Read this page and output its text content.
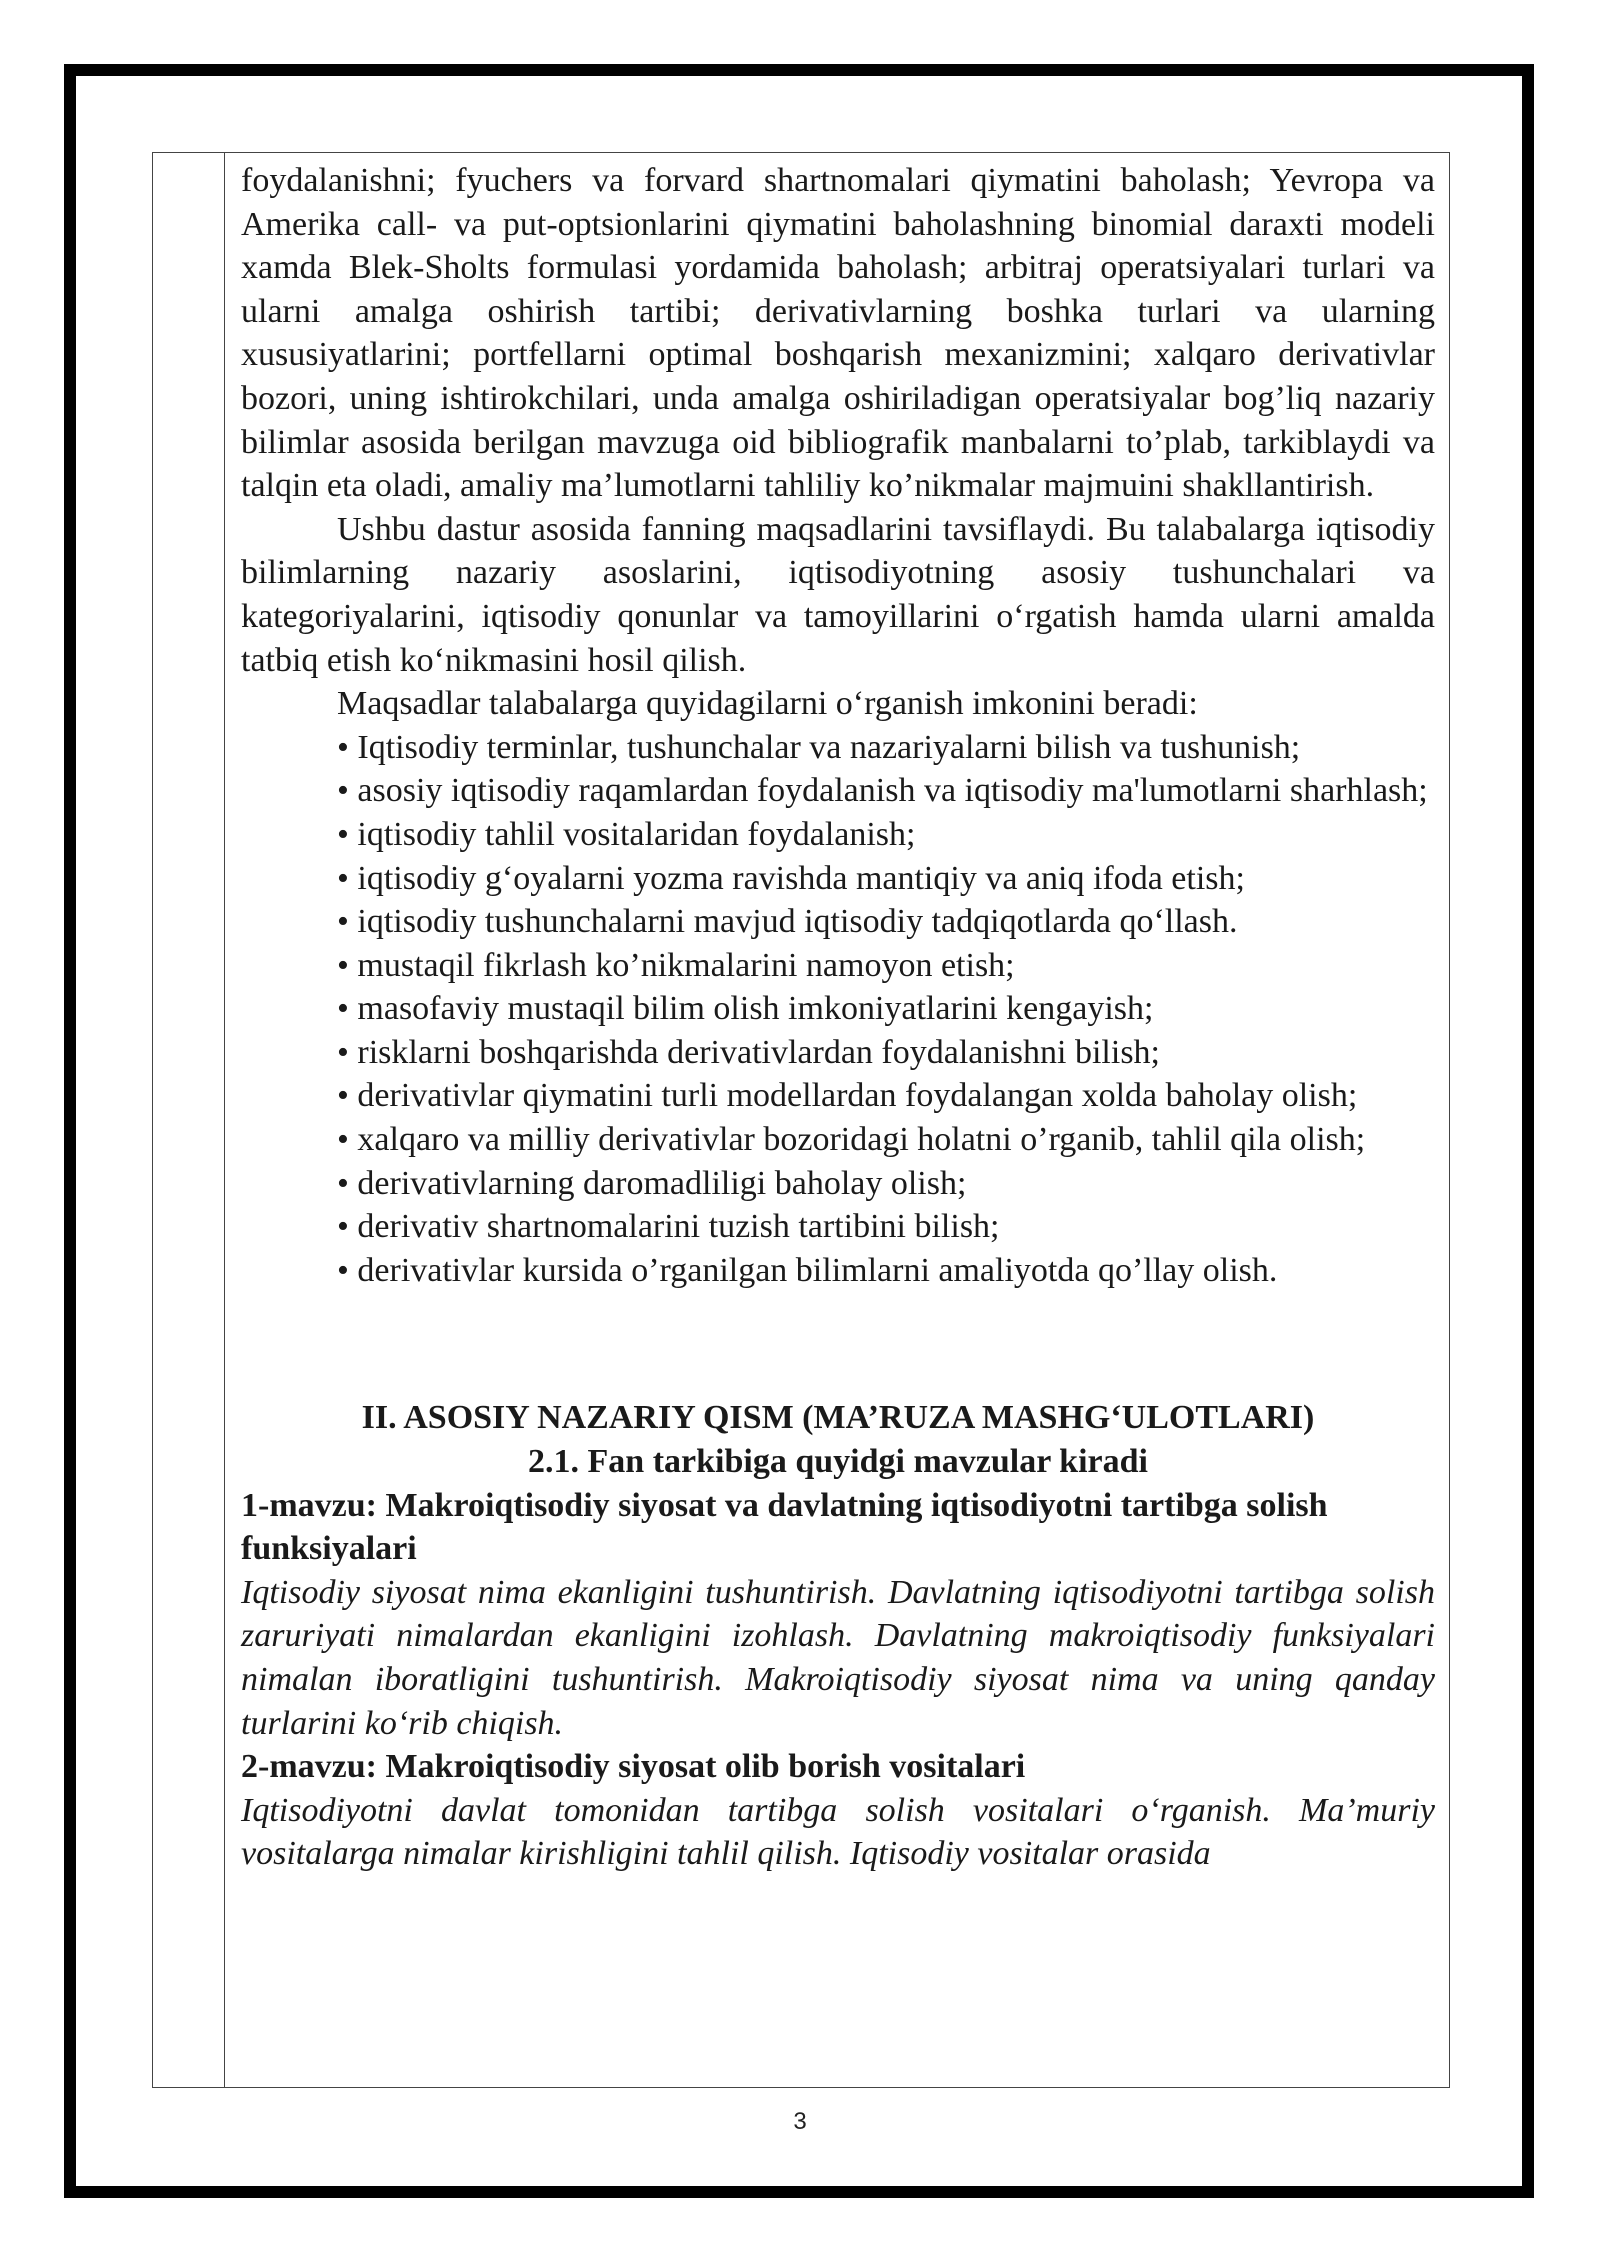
foydalanishni; fyuchers va forvard shartnomalari qiymatini baholash; Yevropa va Amerika call- va put-optsionlarini qiymatini baholashning binomial daraxti modeli xamda Blek-Sholts formulasi yordamida baholash; arbitraj operatsiyalari turlari va ularni amalga oshirish tartibi; derivativlarning boshka turlari va ularning xususiyatlarini; portfellarni optimal boshqarish mexanizmini; xalqaro derivativlar bozori, uning ishtirokchilari, unda amalga oshiriladigan operatsiyalar bog’liq nazariy bilimlar asosida berilgan mavzuga oid bibliografik manbalarni to’plab, tarkiblaydi va talqin eta oladi, amaliy ma’lumotlarni tahliliy ko’nikmalar majmuini shakllantirish.

Ushbu dastur asosida fanning maqsadlarini tavsiflaydi. Bu talabalarga iqtisodiy bilimlarning nazariy asoslarini, iqtisodiyotning asosiy tushunchalari va kategoriyalarini, iqtisodiy qonunlar va tamoyillarini o‘rgatish hamda ularni amalda tatbiq etish ko‘nikmasini hosil qilish.

Maqsadlar talabalarga quyidagilarni o‘rganish imkonini beradi:

• Iqtisodiy terminlar, tushunchalar va nazariyalarni bilish va tushunish;

• asosiy iqtisodiy raqamlardan foydalanish va iqtisodiy ma'lumotlarni sharhlash;

• iqtisodiy tahlil vositalaridan foydalanish;

• iqtisodiy g‘oyalarni yozma ravishda mantiqiy va aniq ifoda etish;

• iqtisodiy tushunchalarni mavjud iqtisodiy tadqiqotlarda qo‘llash.

• mustaqil fikrlash ko’nikmalarini namoyon etish;

• masofaviy mustaqil bilim olish imkoniyatlarini kengayish;

• risklarni boshqarishda derivativlardan foydalanishni bilish;

• derivativlar qiymatini turli modellardan foydalangan xolda baholay olish;

• xalqaro va milliy derivativlar bozoridagi holatni o’rganib, tahlil qila olish;

• derivativlarning daromadliligi baholay olish;

• derivativ shartnomalarini tuzish tartibini bilish;

• derivativlar kursida o’rganilgan bilimlarni amaliyotda qo’llay olish.

II. ASOSIY NAZARIY QISM (MA’RUZA MASHG‘ULOTLARI)

2.1. Fan tarkibiga quyidgi mavzular kiradi

1-mavzu: Makroiqtisodiy siyosat va davlatning iqtisodiyotni tartibga solish funksiyalari

Iqtisodiy siyosat nima ekanligini tushuntirish. Davlatning iqtisodiyotni tartibga solish zaruriyati nimalardan ekanligini izohlash. Davlatning makroiqtisodiy funksiyalari nimalan iboratligini tushuntirish. Makroiqtisodiy siyosat nima va uning qanday turlarini ko‘rib chiqish.

2-mavzu: Makroiqtisodiy siyosat olib borish vositalari

Iqtisodiyotni davlat tomonidan tartibga solish vositalari o‘rganish. Ma’muriy vositalarga nimalar kirishligini tahlil qilish. Iqtisodiy vositalar orasida

3
